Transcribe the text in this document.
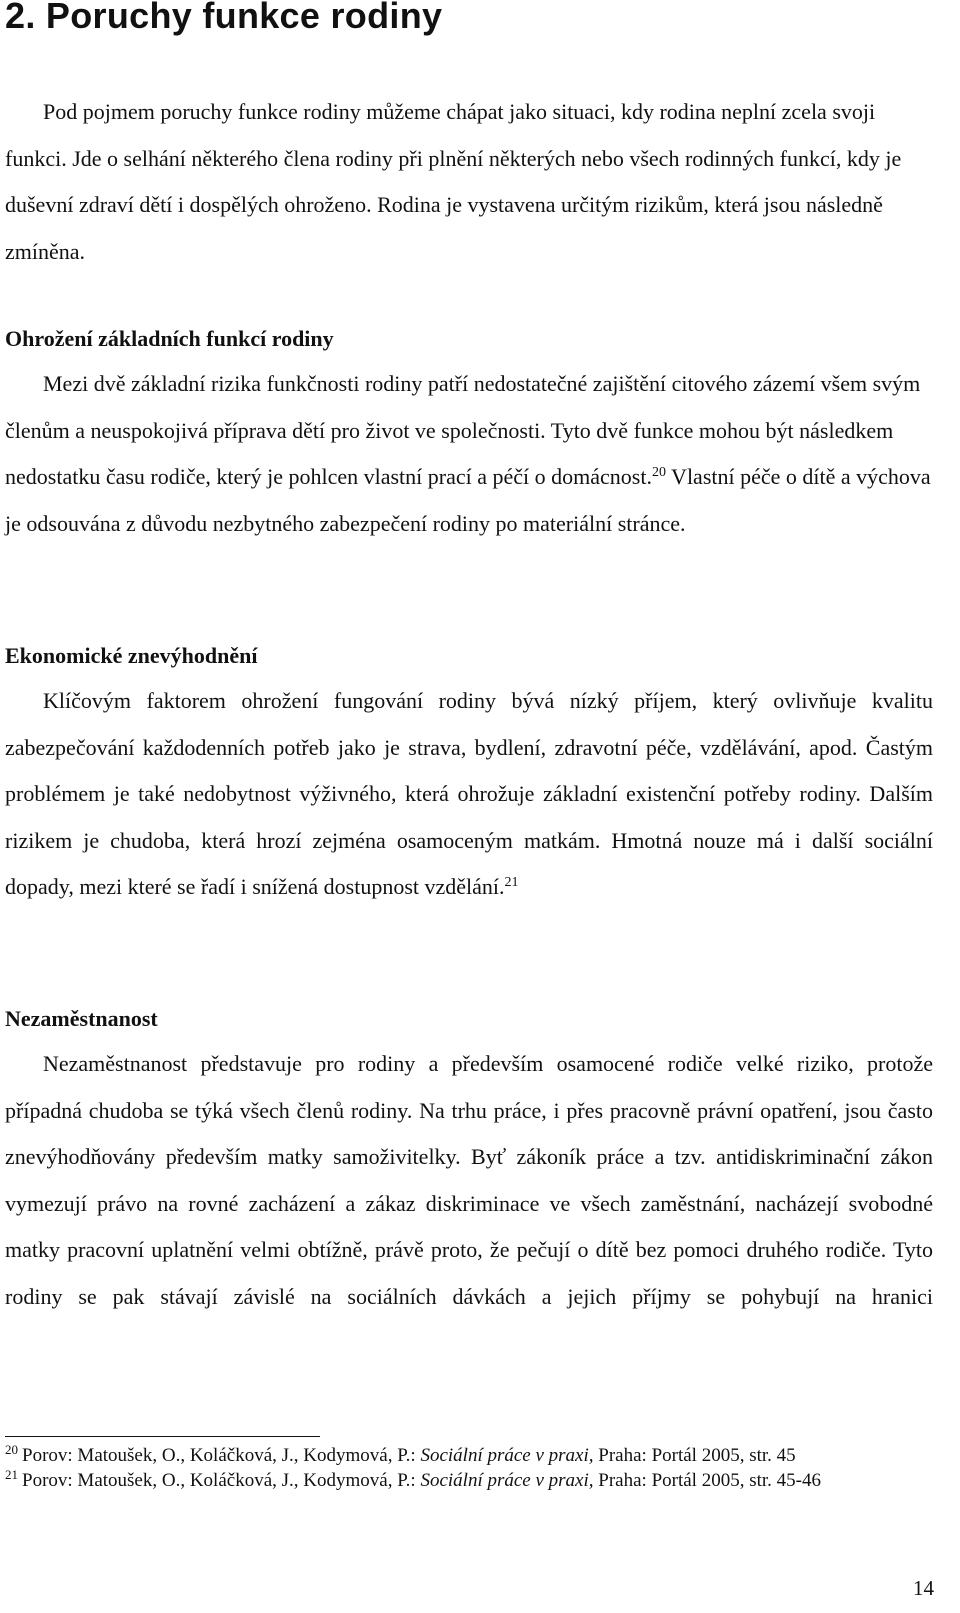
2. Poruchy funkce rodiny

Pod pojmem poruchy funkce rodiny můžeme chápat jako situaci, kdy rodina neplní zcela svoji funkci. Jde o selhání některého člena rodiny při plnění některých nebo všech rodinných funkcí, kdy je duševní zdraví dětí i dospělých ohroženo. Rodina je vystavena určitým rizikům, která jsou následně zmíněna.

Ohrožení základních funkcí rodiny

Mezi dvě základní rizika funkčnosti rodiny patří nedostatečné zajištění citového zázemí všem svým členům a neuspokojivá příprava dětí pro život ve společnosti. Tyto dvě funkce mohou být následkem nedostatku času rodiče, který je pohlcen vlastní prací a péčí o domácnost.$^{20}$ Vlastní péče o dítě a výchova je odsouvána z důvodu nezbytného zabezpečení rodiny po materiální stránce.

Ekonomické znevýhodnění

Klíčovým faktorem ohrožení fungování rodiny bývá nízký příjem, který ovlivňuje kvalitu zabezpečování každodenních potřeb jako je strava, bydlení, zdravotní péče, vzdělávání, apod. Častým problémem je také nedobytnost výživného, která ohrožuje základní existenční potřeby rodiny. Dalším rizikem je chudoba, která hrozí zejména osamoceným matkám. Hmotná nouze má i další sociální dopady, mezi které se řadí i snížená dostupnost vzdělání.$^{21}$

Nezaměstnanost

Nezaměstnanost představuje pro rodiny a především osamocené rodiče velké riziko, protože případná chudoba se týká všech členů rodiny. Na trhu práce, i přes pracovně právní opatření, jsou často znevýhodňovány především matky samoživitelky. Byť zákoník práce a tzv. antidiskriminační zákon vymezují právo na rovné zacházení a zákaz diskriminace ve všech zaměstnání, nacházejí svobodné matky pracovní uplatnění velmi obtížně, právě proto, že pečují o dítě bez pomoci druhého rodiče. Tyto rodiny se pak stávají závislé na sociálních dávkách a jejich příjmy se pohybují na hranici

$^{20}$ Porov: Matoušek, O., Koláčková, J., Kodymová, P.: Sociální práce v praxi, Praha: Portál 2005, str. 45

$^{21}$ Porov: Matoušek, O., Koláčková, J., Kodymová, P.: Sociální práce v praxi, Praha: Portál 2005, str. 45-46

14
